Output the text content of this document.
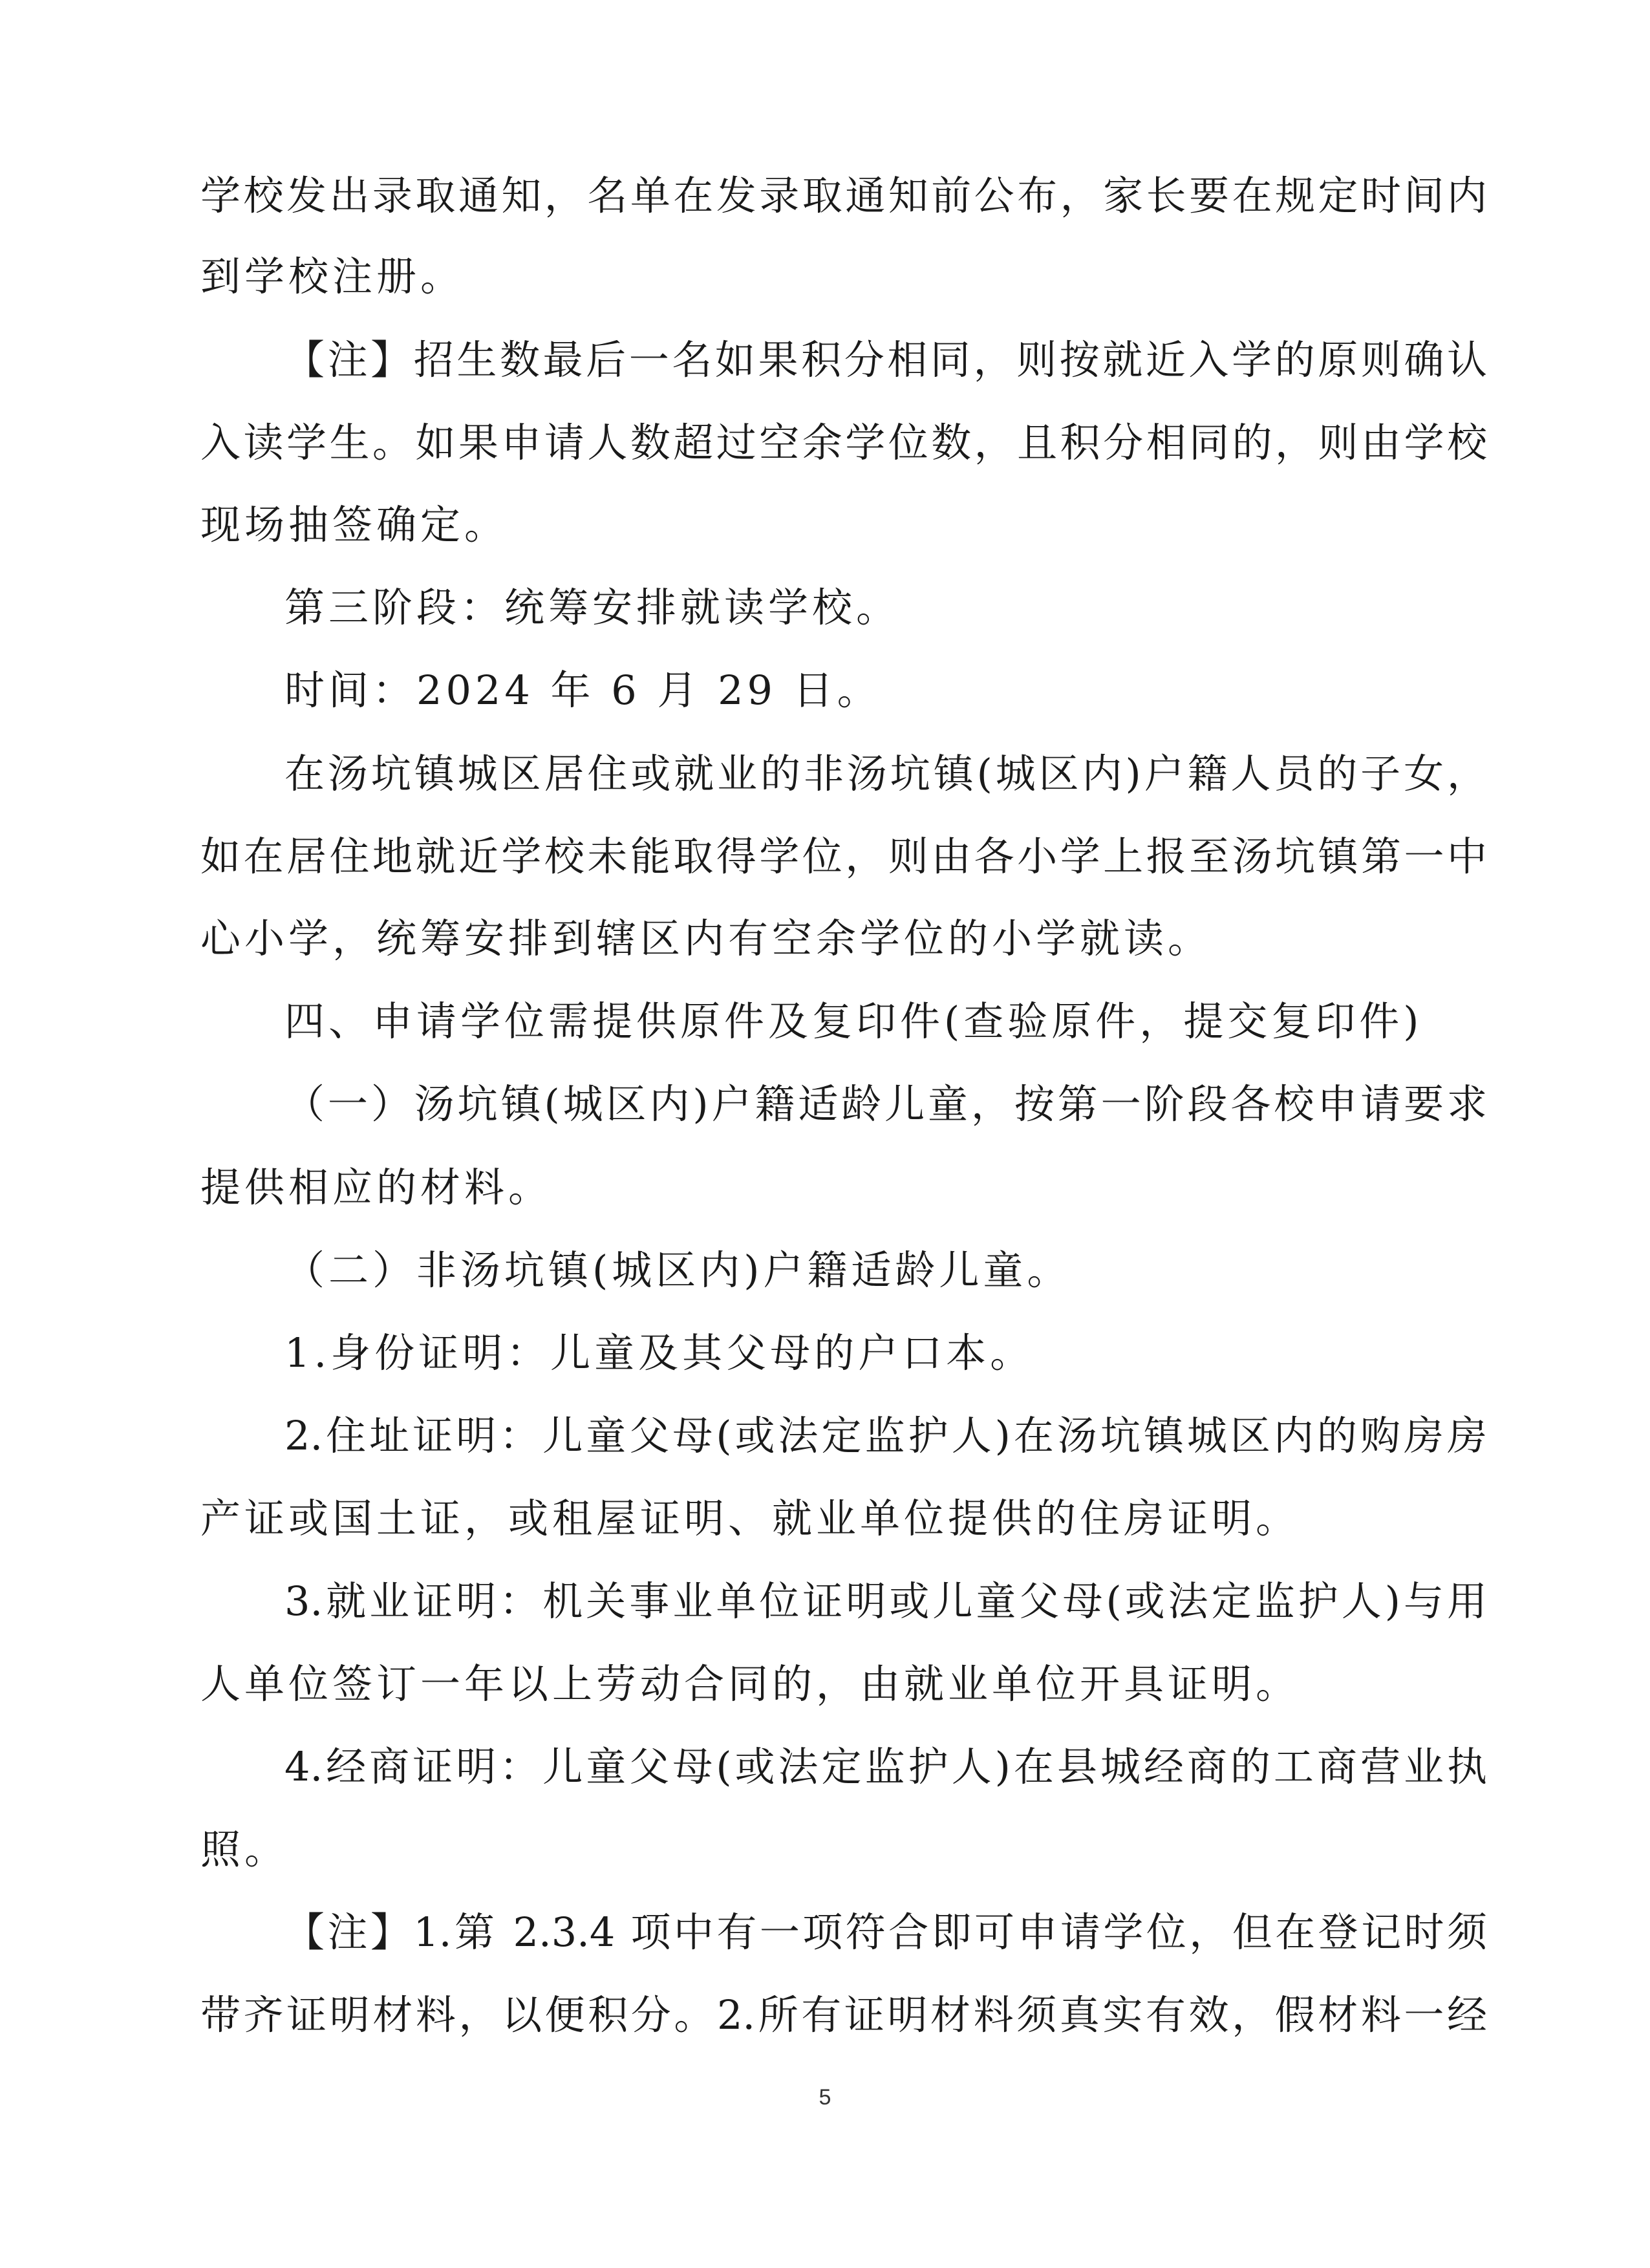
学校发出录取通知，名单在发录取通知前公布，家长要在规定时间内
到学校注册。
【注】招生数最后一名如果积分相同，则按就近入学的原则确认
入读学生。如果申请人数超过空余学位数，且积分相同的，则由学校
现场抽签确定。
第三阶段：统筹安排就读学校。
时间：2024 年 6 月 29 日。
在汤坑镇城区居住或就业的非汤坑镇(城区内)户籍人员的子女，
如在居住地就近学校未能取得学位，则由各小学上报至汤坑镇第一中
心小学，统筹安排到辖区内有空余学位的小学就读。
四、申请学位需提供原件及复印件(查验原件，提交复印件)
（一）汤坑镇(城区内)户籍适龄儿童，按第一阶段各校申请要求
提供相应的材料。
（二）非汤坑镇(城区内)户籍适龄儿童。
1.身份证明：儿童及其父母的户口本。
2.住址证明：儿童父母(或法定监护人)在汤坑镇城区内的购房房
产证或国土证，或租屋证明、就业单位提供的住房证明。
3.就业证明：机关事业单位证明或儿童父母(或法定监护人)与用
人单位签订一年以上劳动合同的，由就业单位开具证明。
4.经商证明：儿童父母(或法定监护人)在县城经商的工商营业执
照。
【注】1.第 2.3.4 项中有一项符合即可申请学位，但在登记时须
带齐证明材料，以便积分。2.所有证明材料须真实有效，假材料一经
5
